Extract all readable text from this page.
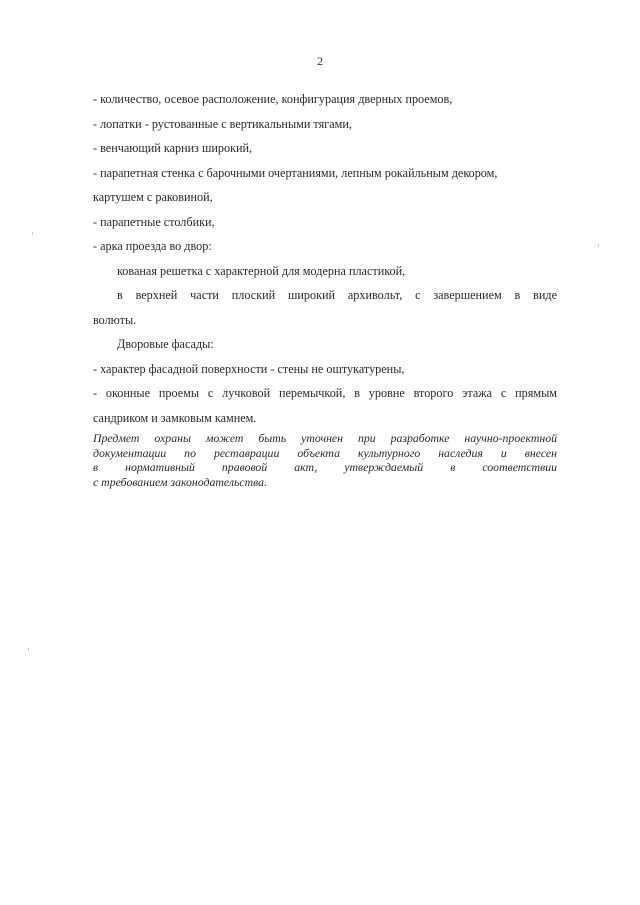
2
- количество, осевое расположение, конфигурация дверных проемов,
- лопатки - рустованные с вертикальными тягами,
- венчающий карниз широкий,
- парапетная стенка с барочными очертаниями, лепным рокайльным декором,
картушем с раковиной,
- парапетные столбики,
- арка проезда во двор:
кованая решетка с характерной для модерна пластикой,
в верхней части плоский широкий архивольт, с завершением в виде
волюты.
Дворовые фасады:
- характер фасадной поверхности - стены не оштукатурены,
- оконные проемы с лучковой перемычкой, в уровне второго этажа с прямым
сандриком и замковым камнем.
Предмет охраны может быть уточнен при разработке научно-проектной
документации по реставрации объекта культурного наследия и внесен
в нормативный правовой акт, утверждаемый в соответствии
с требованием законодательства.
